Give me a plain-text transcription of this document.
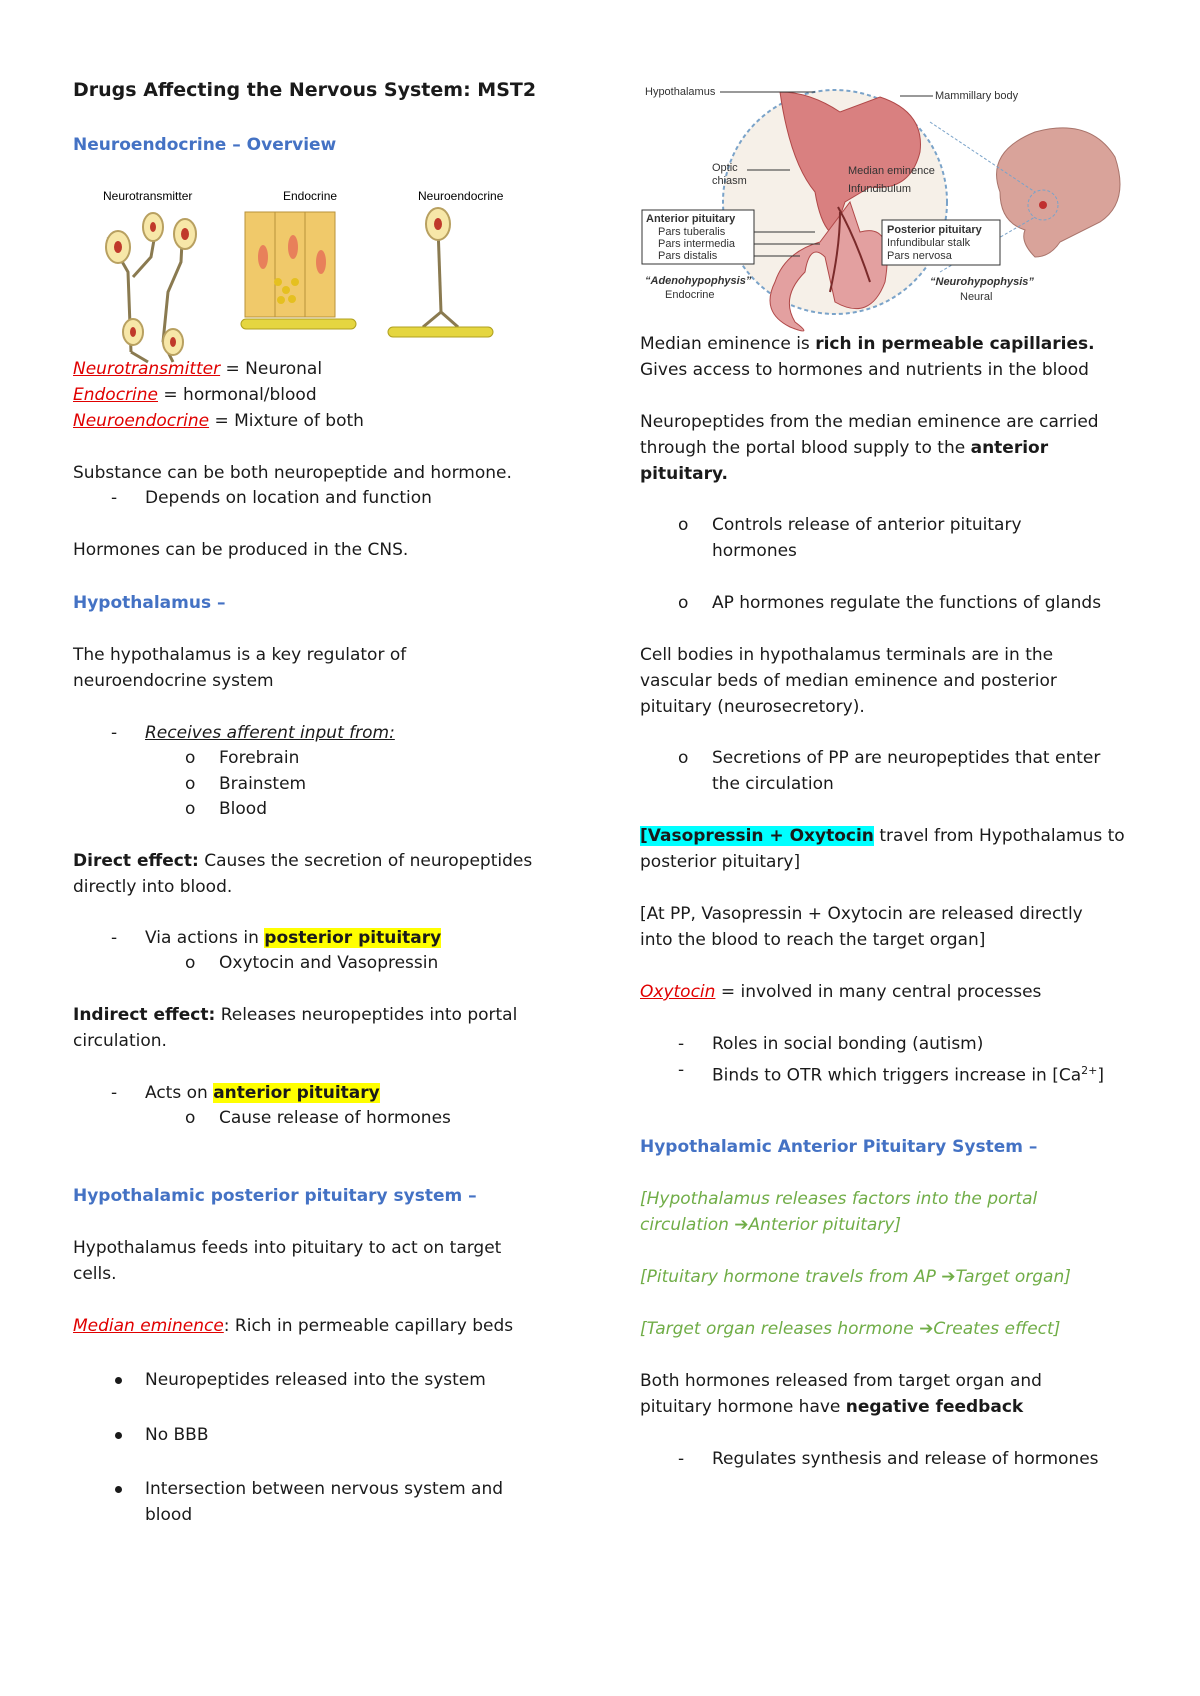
Drugs Affecting the Nervous System: MST2
Neuroendocrine – Overview
Neurotransmitter	Endocrine	Neuroendocrine
Neurotransmitter = Neuronal
Endocrine = hormonal/blood
Neuroendocrine = Mixture of both
Substance can be both neuropeptide and hormone.
- Depends on location and function
Hormones can be produced in the CNS.
Hypothalamus –
The hypothalamus is a key regulator of
neuroendocrine system
- Receives afferent input from:
o Forebrain
o Brainstem
o Blood
Direct effect: Causes the secretion of neuropeptides
directly into blood.
- Via actions in posterior pituitary
o Oxytocin and Vasopressin
Indirect effect: Releases neuropeptides into portal
circulation.
- Acts on anterior pituitary
o Cause release of hormones
Hypothalamic posterior pituitary system –
Hypothalamus feeds into pituitary to act on target
cells.
Median eminence: Rich in permeable capillary beds
Neuropeptides released into the system
No BBB
Intersection between nervous system and
blood
Hypothalamus	Mammillary body
Optic
chiasm
Median eminence
Infundibulum
Anterior pituitary
Pars tuberalis
Pars intermedia
Pars distalis
Posterior pituitary
Infundibular stalk
Pars nervosa
“Adenohypophysis”
Endocrine
“Neurohypophysis”
Neural
Median eminence is rich in permeable capillaries.
Gives access to hormones and nutrients in the blood
Neuropeptides from the median eminence are carried
through the portal blood supply to the anterior
pituitary.
o Controls release of anterior pituitary
hormones
o AP hormones regulate the functions of glands
Cell bodies in hypothalamus terminals are in the
vascular beds of median eminence and posterior
pituitary (neurosecretory).
o Secretions of PP are neuropeptides that enter
the circulation
[Vasopressin + Oxytocin travel from Hypothalamus to
posterior pituitary]
[At PP, Vasopressin + Oxytocin are released directly
into the blood to reach the target organ]
Oxytocin = involved in many central processes
- Roles in social bonding (autism)
- Binds to OTR which triggers increase in $[Ca^{2+}]$
Hypothalamic Anterior Pituitary System –
[Hypothalamus releases factors into the portal
circulation ➔Anterior pituitary]
[Pituitary hormone travels from AP ➔Target organ]
[Target organ releases hormone ➔Creates effect]
Both hormones released from target organ and
pituitary hormone have negative feedback
- Regulates synthesis and release of hormones
